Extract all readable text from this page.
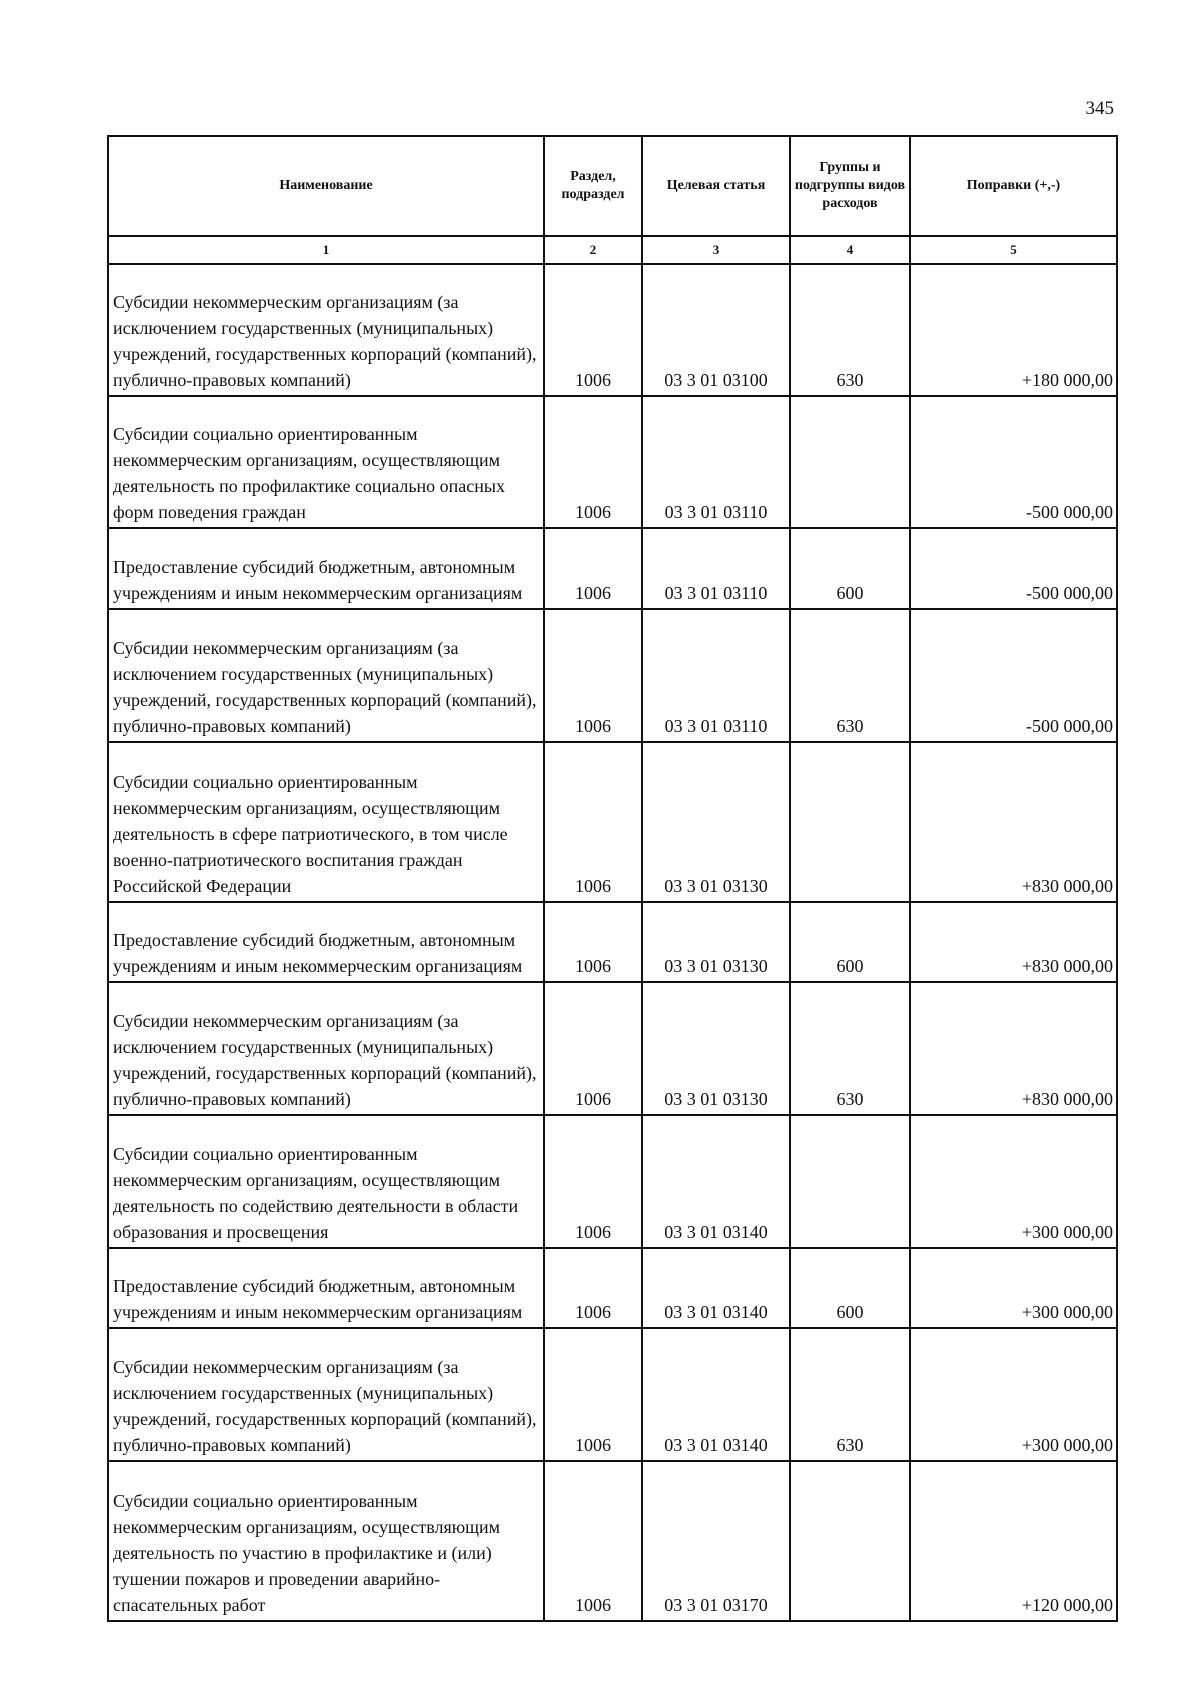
345
Наименование	Раздел, подраздел	Целевая статья	Группы и подгруппы видов расходов	Поправки (+,-)
1	2	3	4	5
Субсидии некоммерческим организациям (за исключением государственных (муниципальных) учреждений, государственных корпораций (компаний), публично-правовых компаний)	1006	03 3 01 03100	630	+180 000,00
Субсидии социально ориентированным некоммерческим организациям, осуществляющим деятельность по профилактике социально опасных форм поведения граждан	1006	03 3 01 03110		-500 000,00
Предоставление субсидий бюджетным, автономным учреждениям и иным некоммерческим организациям	1006	03 3 01 03110	600	-500 000,00
Субсидии некоммерческим организациям (за исключением государственных (муниципальных) учреждений, государственных корпораций (компаний), публично-правовых компаний)	1006	03 3 01 03110	630	-500 000,00
Субсидии социально ориентированным некоммерческим организациям, осуществляющим деятельность в сфере патриотического, в том числе военно-патриотического воспитания граждан Российской Федерации	1006	03 3 01 03130		+830 000,00
Предоставление субсидий бюджетным, автономным учреждениям и иным некоммерческим организациям	1006	03 3 01 03130	600	+830 000,00
Субсидии некоммерческим организациям (за исключением государственных (муниципальных) учреждений, государственных корпораций (компаний), публично-правовых компаний)	1006	03 3 01 03130	630	+830 000,00
Субсидии социально ориентированным некоммерческим организациям, осуществляющим деятельность по содействию деятельности в области образования и просвещения	1006	03 3 01 03140		+300 000,00
Предоставление субсидий бюджетным, автономным учреждениям и иным некоммерческим организациям	1006	03 3 01 03140	600	+300 000,00
Субсидии некоммерческим организациям (за исключением государственных (муниципальных) учреждений, государственных корпораций (компаний), публично-правовых компаний)	1006	03 3 01 03140	630	+300 000,00
Субсидии социально ориентированным некоммерческим организациям, осуществляющим деятельность по участию в профилактике и (или) тушении пожаров и проведении аварийно-спасательных работ	1006	03 3 01 03170		+120 000,00
